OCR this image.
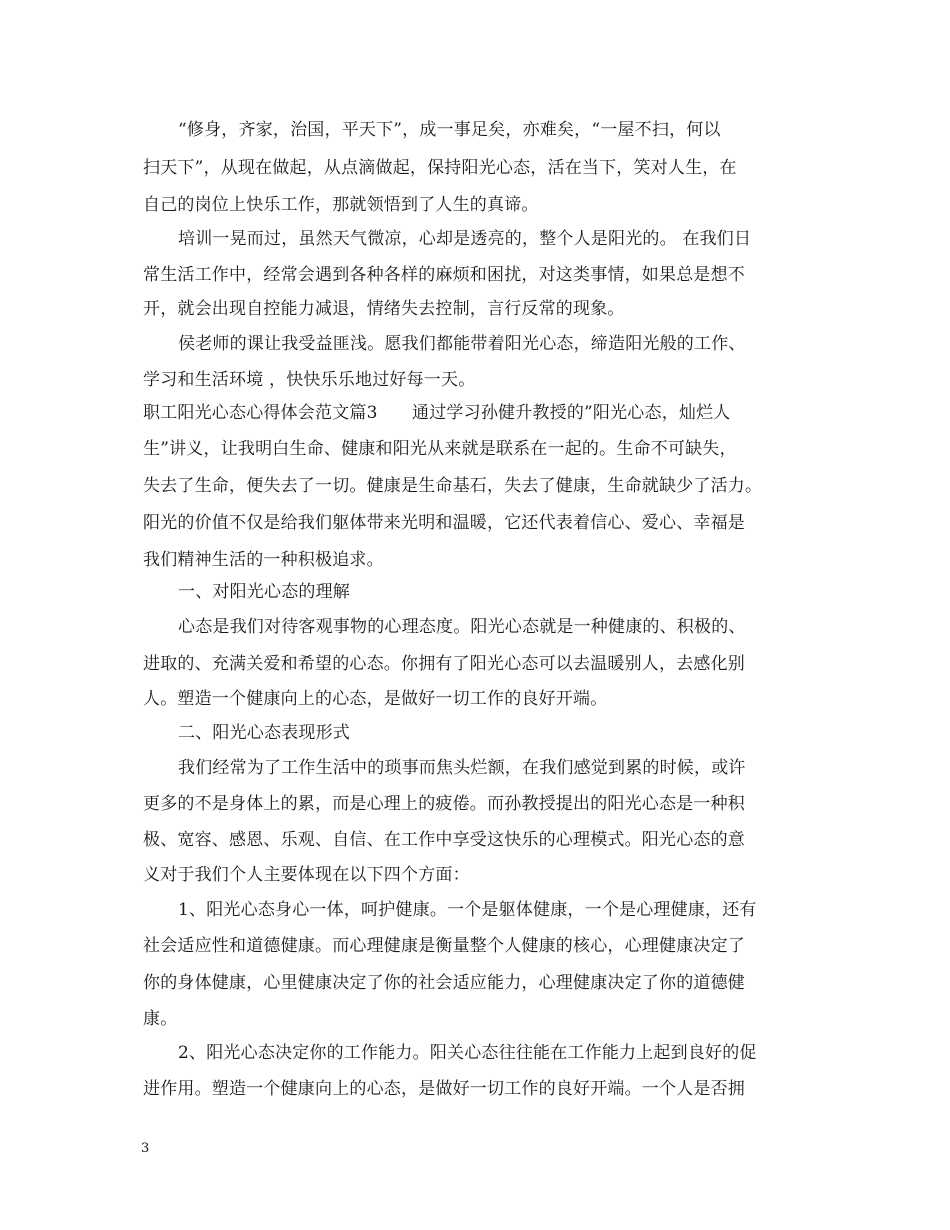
“修身，齐家，治国，平天下”，成一事足矣，亦难矣，“一屋不扫，何以
扫天下”，从现在做起，从点滴做起，保持阳光心态，活在当下，笑对人生，在
自己的岗位上快乐工作，那就领悟到了人生的真谛。
培训一晃而过，虽然天气微凉，心却是透亮的，整个人是阳光的。 在我们日
常生活工作中，经常会遇到各种各样的麻烦和困扰，对这类事情，如果总是想不
开，就会出现自控能力减退，情绪失去控制，言行反常的现象。
侯老师的课让我受益匪浅。愿我们都能带着阳光心态，缔造阳光般的工作、
学习和生活环境 ，快快乐乐地过好每一天。
职工阳光心态心得体会范文篇3　　通过学习孙健升教授的”阳光心态，灿烂人
生”讲义，让我明白生命、健康和阳光从来就是联系在一起的。生命不可缺失，
失去了生命，便失去了一切。健康是生命基石，失去了健康，生命就缺少了活力。
阳光的价值不仅是给我们躯体带来光明和温暖，它还代表着信心、爱心、幸福是
我们精神生活的一种积极追求。
一、对阳光心态的理解
心态是我们对待客观事物的心理态度。阳光心态就是一种健康的、积极的、
进取的、充满关爱和希望的心态。你拥有了阳光心态可以去温暖别人，去感化别
人。塑造一个健康向上的心态，是做好一切工作的良好开端。
二、阳光心态表现形式
我们经常为了工作生活中的琐事而焦头烂额，在我们感觉到累的时候，或许
更多的不是身体上的累，而是心理上的疲倦。而孙教授提出的阳光心态是一种积
极、宽容、感恩、乐观、自信、在工作中享受这快乐的心理模式。阳光心态的意
义对于我们个人主要体现在以下四个方面：
1、阳光心态身心一体，呵护健康。一个是躯体健康，一个是心理健康，还有
社会适应性和道德健康。而心理健康是衡量整个人健康的核心，心理健康决定了
你的身体健康，心里健康决定了你的社会适应能力，心理健康决定了你的道德健
康。
2、阳光心态决定你的工作能力。阳关心态往往能在工作能力上起到良好的促
进作用。塑造一个健康向上的心态，是做好一切工作的良好开端。一个人是否拥
3
